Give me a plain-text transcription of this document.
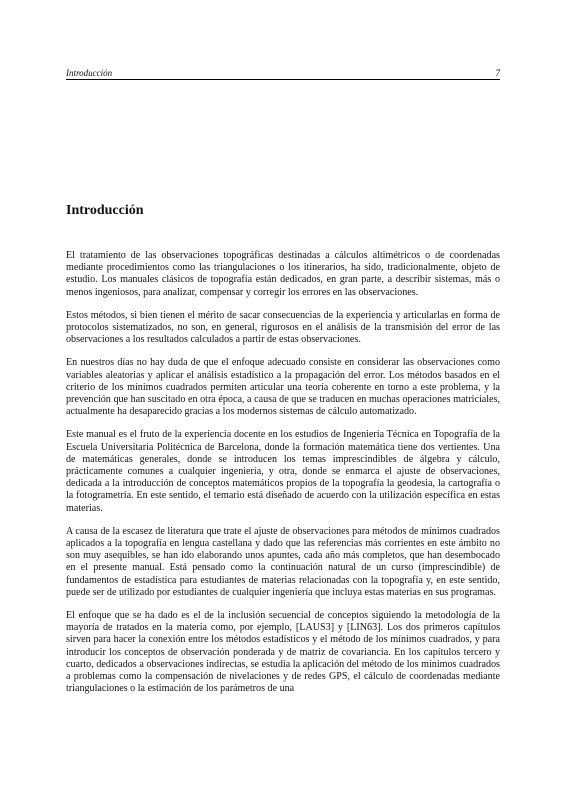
Introducción	7
Introducción

El tratamiento de las observaciones topográficas destinadas a cálculos altimétricos o de coordenadas mediante procedimientos como las triangulaciones o los itinerarios, ha sido, tradicionalmente, objeto de estudio. Los manuales clásicos de topografía están dedicados, en gran parte, a describir sistemas, más o menos ingeniosos, para analizar, compensar y corregir los errores en las observaciones.

Estos métodos, si bien tienen el mérito de sacar consecuencias de la experiencia y articularlas en forma de protocolos sistematizados, no son, en general, rigurosos en el análisis de la transmisión del error de las observaciones a los resultados calculados a partir de estas observaciones.

En nuestros días no hay duda de que el enfoque adecuado consiste en considerar las observaciones como variables aleatorias y aplicar el análisis estadístico a la propagación del error. Los métodos basados en el criterio de los mínimos cuadrados permiten articular una teoría coherente en torno a este problema, y la prevención que han suscitado en otra época, a causa de que se traducen en muchas operaciones matriciales, actualmente ha desaparecido gracias a los modernos sistemas de cálculo automatizado.

Este manual es el fruto de la experiencia docente en los estudios de Ingeniería Técnica en Topografía de la Escuela Universitaria Politécnica de Barcelona, donde la formación matemática tiene dos vertientes. Una de matemáticas generales, donde se introducen los temas imprescindibles de álgebra y cálculo, prácticamente comunes a cualquier ingeniería, y otra, donde se enmarca el ajuste de observaciones, dedicada a la introducción de conceptos matemáticos propios de la topografía la geodesia, la cartografía o la fotogrametría. En este sentido, el temario está diseñado de acuerdo con la utilización específica en estas materias.

A causa de la escasez de literatura que trate el ajuste de observaciones para métodos de mínimos cuadrados aplicados a la topografía en lengua castellana y dado que las referencias más corrientes en este ámbito no son muy asequibles, se han ido elaborando unos apuntes, cada año más completos, que han desembocado en el presente manual. Está pensado como la continuación natural de un curso (imprescindible) de fundamentos de estadística para estudiantes de materias relacionadas con la topografía y, en este sentido, puede ser de utilizado por estudiantes de cualquier ingeniería que incluya estas materias en sus programas.

El enfoque que se ha dado es el de la inclusión secuencial de conceptos siguiendo la metodología de la mayoría de tratados en la materia como, por ejemplo, [LAUS3] y [LIN63]. Los dos primeros capítulos sirven para hacer la conexión entre los métodos estadísticos y el método de los mínimos cuadrados, y para introducir los conceptos de observación ponderada y de matriz de covariancia. En los capítulos tercero y cuarto, dedicados a observaciones indirectas, se estudia la aplicación del método de los mínimos cuadrados a problemas como la compensación de nivelaciones y de redes GPS, el cálculo de coordenadas mediante triangulaciones o la estimación de los parámetros de una
